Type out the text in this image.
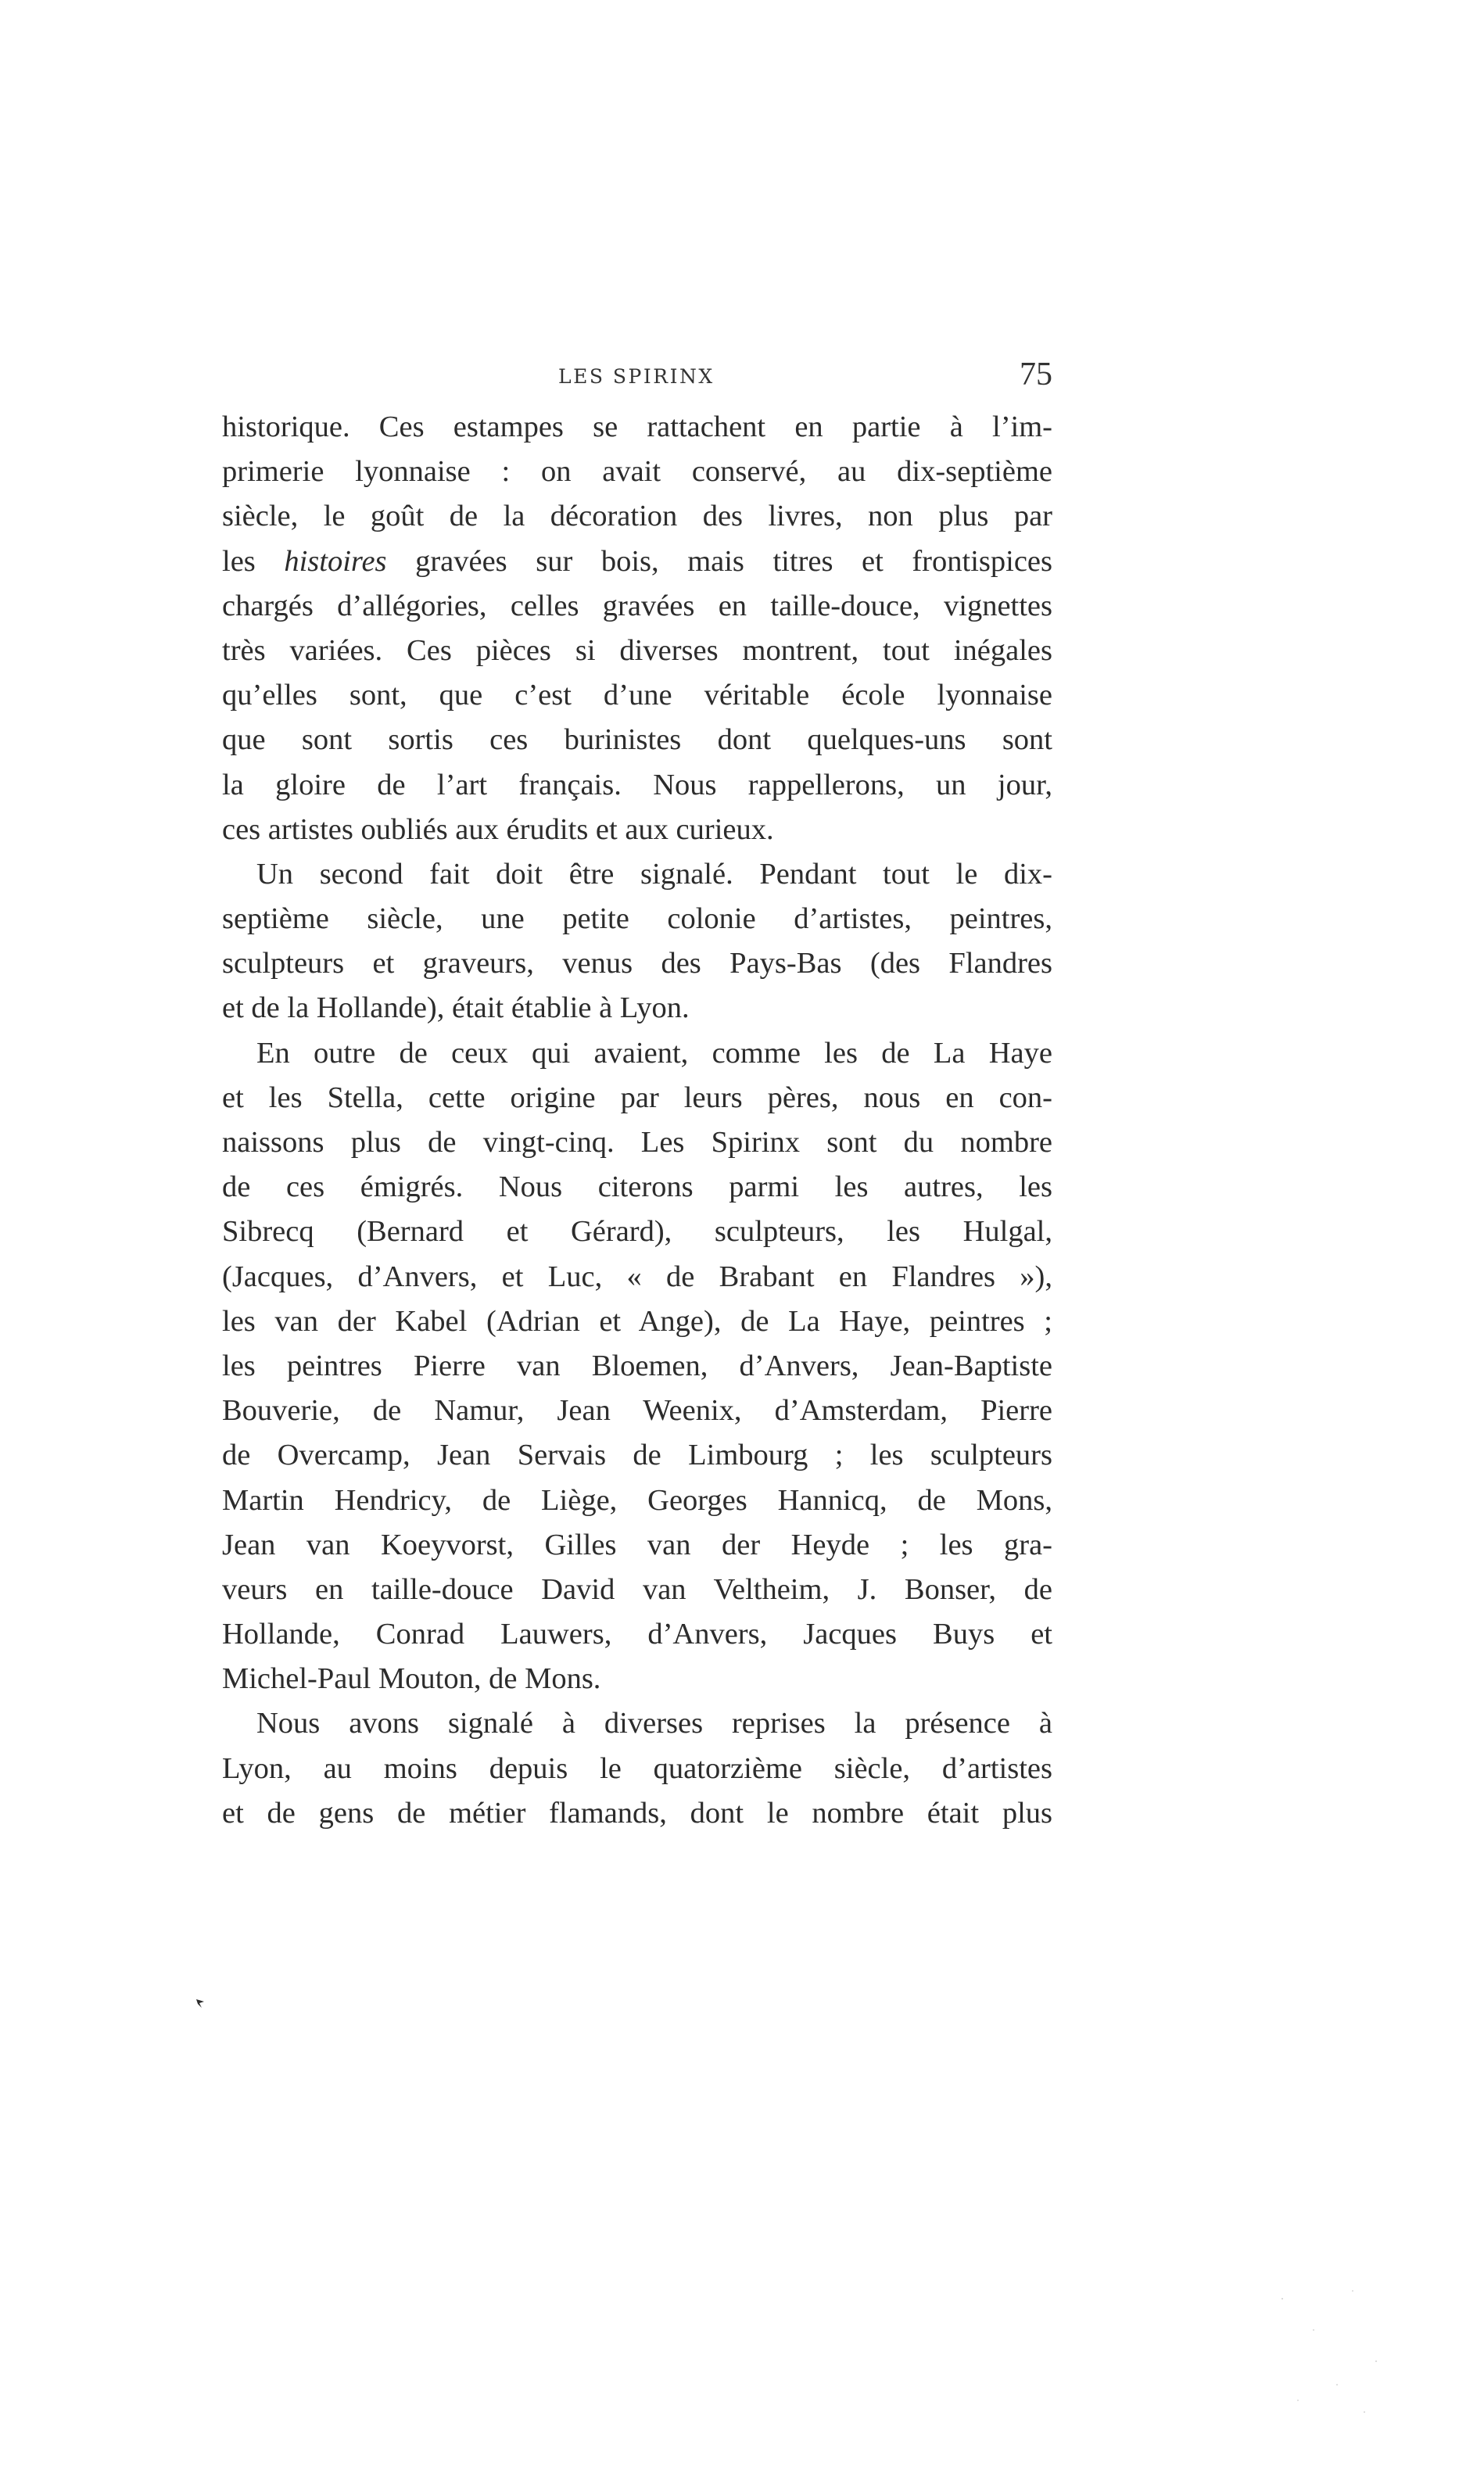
LES SPIRINX	75
historique. Ces estampes se rattachent en partie à l’im-
primerie lyonnaise : on avait conservé, au dix-septième
siècle, le goût de la décoration des livres, non plus par
les histoires gravées sur bois, mais titres et frontispices
chargés d’allégories, celles gravées en taille-douce, vignettes
très variées. Ces pièces si diverses montrent, tout inégales
qu’elles sont, que c’est d’une véritable école lyonnaise
que sont sortis ces burinistes dont quelques-uns sont
la gloire de l’art français. Nous rappellerons, un jour,
ces artistes oubliés aux érudits et aux curieux.
Un second fait doit être signalé. Pendant tout le dix-
septième siècle, une petite colonie d’artistes, peintres,
sculpteurs et graveurs, venus des Pays-Bas (des Flandres
et de la Hollande), était établie à Lyon.
En outre de ceux qui avaient, comme les de La Haye
et les Stella, cette origine par leurs pères, nous en con-
naissons plus de vingt-cinq. Les Spirinx sont du nombre
de ces émigrés. Nous citerons parmi les autres, les
Sibrecq (Bernard et Gérard), sculpteurs, les Hulgal,
(Jacques, d’Anvers, et Luc, « de Brabant en Flandres »),
les van der Kabel (Adrian et Ange), de La Haye, peintres ;
les peintres Pierre van Bloemen, d’Anvers, Jean-Baptiste
Bouverie, de Namur, Jean Weenix, d’Amsterdam, Pierre
de Overcamp, Jean Servais de Limbourg ; les sculpteurs
Martin Hendricy, de Liège, Georges Hannicq, de Mons,
Jean van Koeyvorst, Gilles van der Heyde ; les gra-
veurs en taille-douce David van Veltheim, J. Bonser, de
Hollande, Conrad Lauwers, d’Anvers, Jacques Buys et
Michel-Paul Mouton, de Mons.
Nous avons signalé à diverses reprises la présence à
Lyon, au moins depuis le quatorzième siècle, d’artistes
et de gens de métier flamands, dont le nombre était plus
